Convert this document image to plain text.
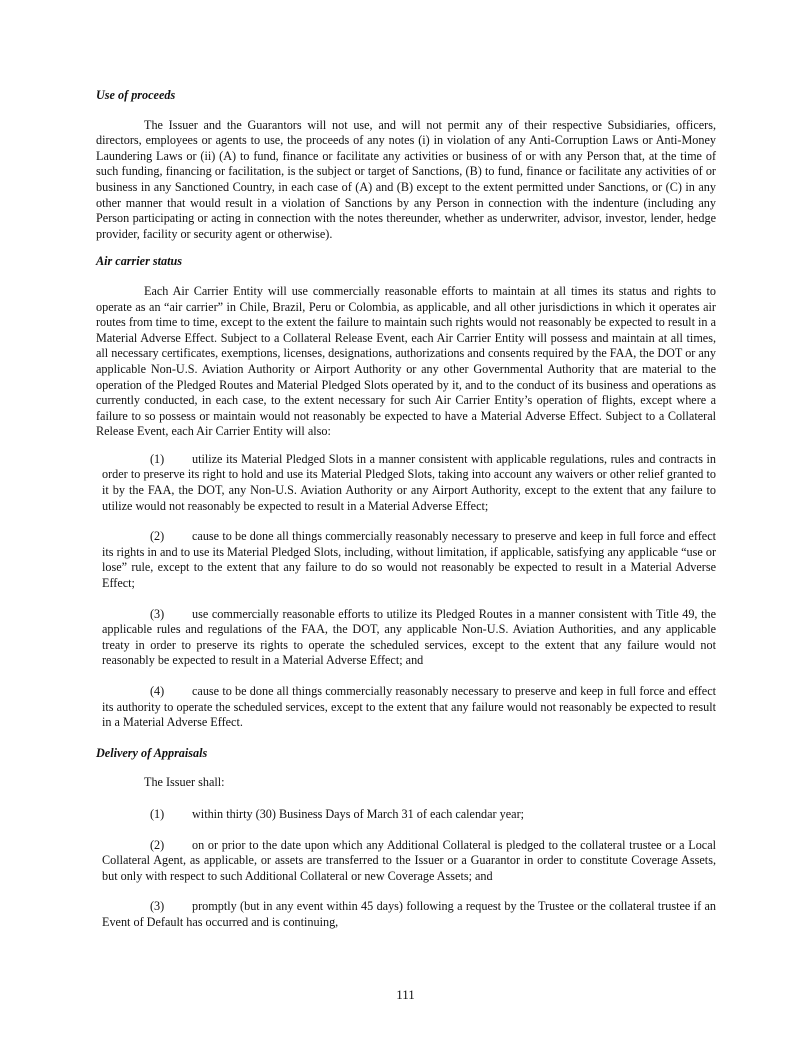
Use of proceeds

The Issuer and the Guarantors will not use, and will not permit any of their respective Subsidiaries, officers, directors, employees or agents to use, the proceeds of any notes (i) in violation of any Anti-Corruption Laws or Anti-Money Laundering Laws or (ii) (A) to fund, finance or facilitate any activities or business of or with any Person that, at the time of such funding, financing or facilitation, is the subject or target of Sanctions, (B) to fund, finance or facilitate any activities of or business in any Sanctioned Country, in each case of (A) and (B) except to the extent permitted under Sanctions, or (C) in any other manner that would result in a violation of Sanctions by any Person in connection with the indenture (including any Person participating or acting in connection with the notes thereunder, whether as underwriter, advisor, investor, lender, hedge provider, facility or security agent or otherwise).

Air carrier status

Each Air Carrier Entity will use commercially reasonable efforts to maintain at all times its status and rights to operate as an “air carrier” in Chile, Brazil, Peru or Colombia, as applicable, and all other jurisdictions in which it operates air routes from time to time, except to the extent the failure to maintain such rights would not reasonably be expected to result in a Material Adverse Effect. Subject to a Collateral Release Event, each Air Carrier Entity will possess and maintain at all times, all necessary certificates, exemptions, licenses, designations, authorizations and consents required by the FAA, the DOT or any applicable Non-U.S. Aviation Authority or Airport Authority or any other Governmental Authority that are material to the operation of the Pledged Routes and Material Pledged Slots operated by it, and to the conduct of its business and operations as currently conducted, in each case, to the extent necessary for such Air Carrier Entity’s operation of flights, except where a failure to so possess or maintain would not reasonably be expected to have a Material Adverse Effect. Subject to a Collateral Release Event, each Air Carrier Entity will also:

(1) utilize its Material Pledged Slots in a manner consistent with applicable regulations, rules and contracts in order to preserve its right to hold and use its Material Pledged Slots, taking into account any waivers or other relief granted to it by the FAA, the DOT, any Non-U.S. Aviation Authority or any Airport Authority, except to the extent that any failure to utilize would not reasonably be expected to result in a Material Adverse Effect;

(2) cause to be done all things commercially reasonably necessary to preserve and keep in full force and effect its rights in and to use its Material Pledged Slots, including, without limitation, if applicable, satisfying any applicable “use or lose” rule, except to the extent that any failure to do so would not reasonably be expected to result in a Material Adverse Effect;

(3) use commercially reasonable efforts to utilize its Pledged Routes in a manner consistent with Title 49, the applicable rules and regulations of the FAA, the DOT, any applicable Non-U.S. Aviation Authorities, and any applicable treaty in order to preserve its rights to operate the scheduled services, except to the extent that any failure would not reasonably be expected to result in a Material Adverse Effect; and

(4) cause to be done all things commercially reasonably necessary to preserve and keep in full force and effect its authority to operate the scheduled services, except to the extent that any failure would not reasonably be expected to result in a Material Adverse Effect.

Delivery of Appraisals

The Issuer shall:

(1) within thirty (30) Business Days of March 31 of each calendar year;

(2) on or prior to the date upon which any Additional Collateral is pledged to the collateral trustee or a Local Collateral Agent, as applicable, or assets are transferred to the Issuer or a Guarantor in order to constitute Coverage Assets, but only with respect to such Additional Collateral or new Coverage Assets; and

(3) promptly (but in any event within 45 days) following a request by the Trustee or the collateral trustee if an Event of Default has occurred and is continuing,

111
